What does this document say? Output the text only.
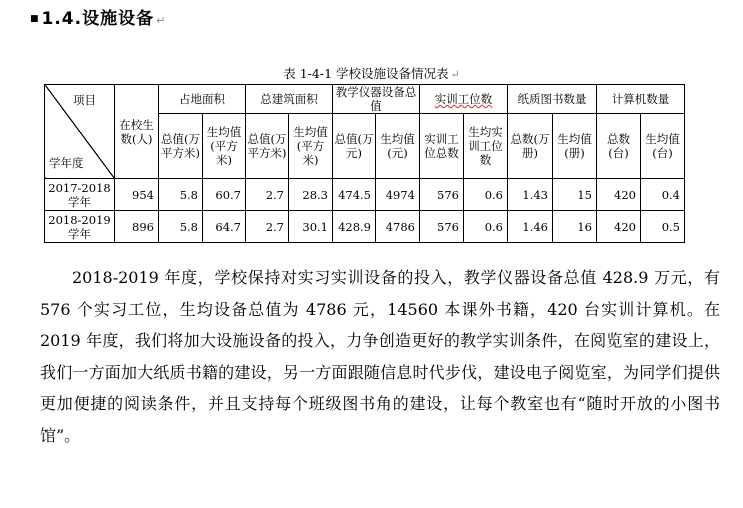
■ 1.4.设施设备 ↵
表 1-4-1 学校设施设备情况表 ↵
项目
学年度	在校生数(人)	占地面积		总建筑面积		教学仪器设备总值		实训工位数		纸质图书数量		计算机数量	
		总值(万平方米)	生均值(平方米)	总值(万平方米)	生均值(平方米)	总值(万元)	生均值(元)	实训工位总数	生均实训工位数	总数(万册)	生均值(册)	总数(台)	生均值(台)
2017-2018学年	954	5.8	60.7	2.7	28.3	474.5	4974	576	0.6	1.43	15	420	0.4
2018-2019学年	896	5.8	64.7	2.7	30.1	428.9	4786	576	0.6	1.46	16	420	0.5

2018-2019 年度，学校保持对实习实训设备的投入，教学仪器设备总值 428.9 万元，有 576 个实习工位，生均设备总值为 4786 元，14560 本课外书籍，420 台实训计算机。在 2019 年度，我们将加大设施设备的投入，力争创造更好的教学实训条件，在阅览室的建设上，我们一方面加大纸质书籍的建设，另一方面跟随信息时代步伐，建设电子阅览室，为同学们提供更加便捷的阅读条件，并且支持每个班级图书角的建设，让每个教室也有“随时开放的小图书馆”。
